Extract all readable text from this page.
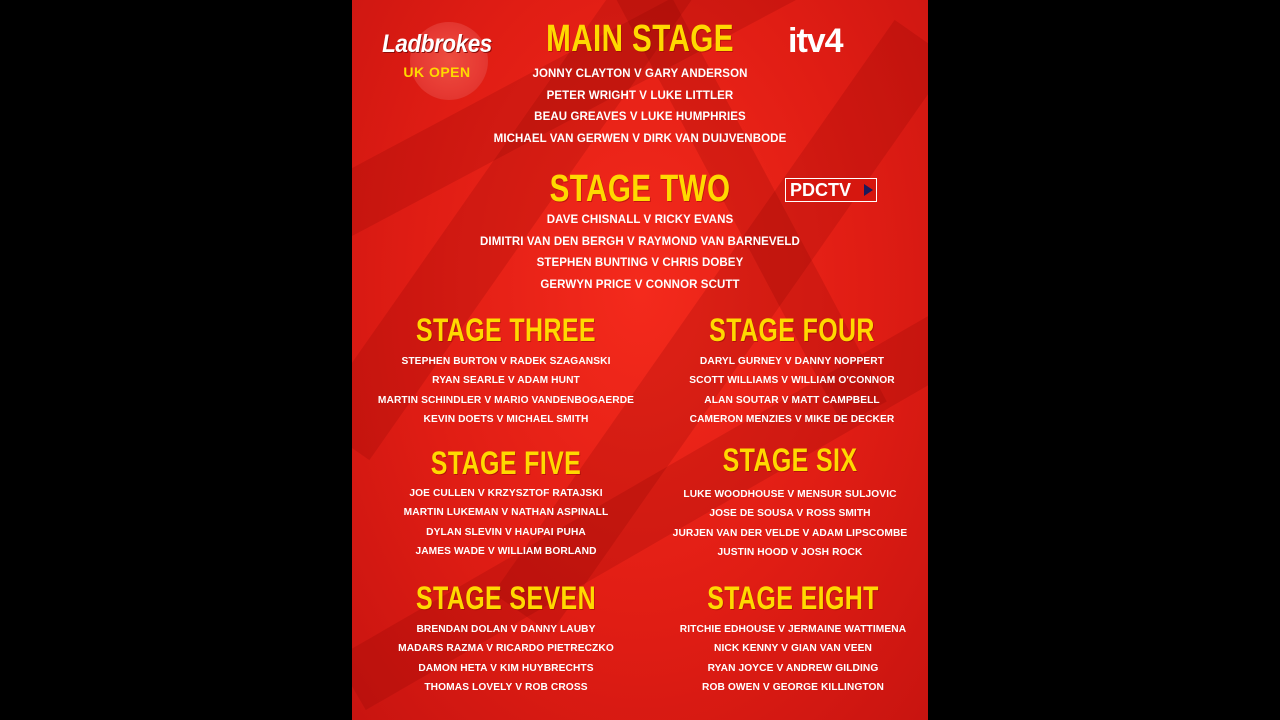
Ladbrokes
UK OPEN
itv4
PDCTV
MAIN STAGE
JONNY CLAYTON V GARY ANDERSON
PETER WRIGHT V LUKE LITTLER
BEAU GREAVES V LUKE HUMPHRIES
MICHAEL VAN GERWEN V DIRK VAN DUIJVENBODE
STAGE TWO
DAVE CHISNALL V RICKY EVANS
DIMITRI VAN DEN BERGH V RAYMOND VAN BARNEVELD
STEPHEN BUNTING V CHRIS DOBEY
GERWYN PRICE V CONNOR SCUTT
STAGE THREE
STEPHEN BURTON V RADEK SZAGANSKI
RYAN SEARLE V ADAM HUNT
MARTIN SCHINDLER V MARIO VANDENBOGAERDE
KEVIN DOETS V MICHAEL SMITH
STAGE FOUR
DARYL GURNEY V DANNY NOPPERT
SCOTT WILLIAMS V WILLIAM O'CONNOR
ALAN SOUTAR V MATT CAMPBELL
CAMERON MENZIES V MIKE DE DECKER
STAGE FIVE
JOE CULLEN V KRZYSZTOF RATAJSKI
MARTIN LUKEMAN V NATHAN ASPINALL
DYLAN SLEVIN V HAUPAI PUHA
JAMES WADE V WILLIAM BORLAND
STAGE SIX
LUKE WOODHOUSE V MENSUR SULJOVIC
JOSE DE SOUSA V ROSS SMITH
JURJEN VAN DER VELDE V ADAM LIPSCOMBE
JUSTIN HOOD V JOSH ROCK
STAGE SEVEN
BRENDAN DOLAN V DANNY LAUBY
MADARS RAZMA V RICARDO PIETRECZKO
DAMON HETA V KIM HUYBRECHTS
THOMAS LOVELY V ROB CROSS
STAGE EIGHT
RITCHIE EDHOUSE V JERMAINE WATTIMENA
NICK KENNY V GIAN VAN VEEN
RYAN JOYCE V ANDREW GILDING
ROB OWEN V GEORGE KILLINGTON
